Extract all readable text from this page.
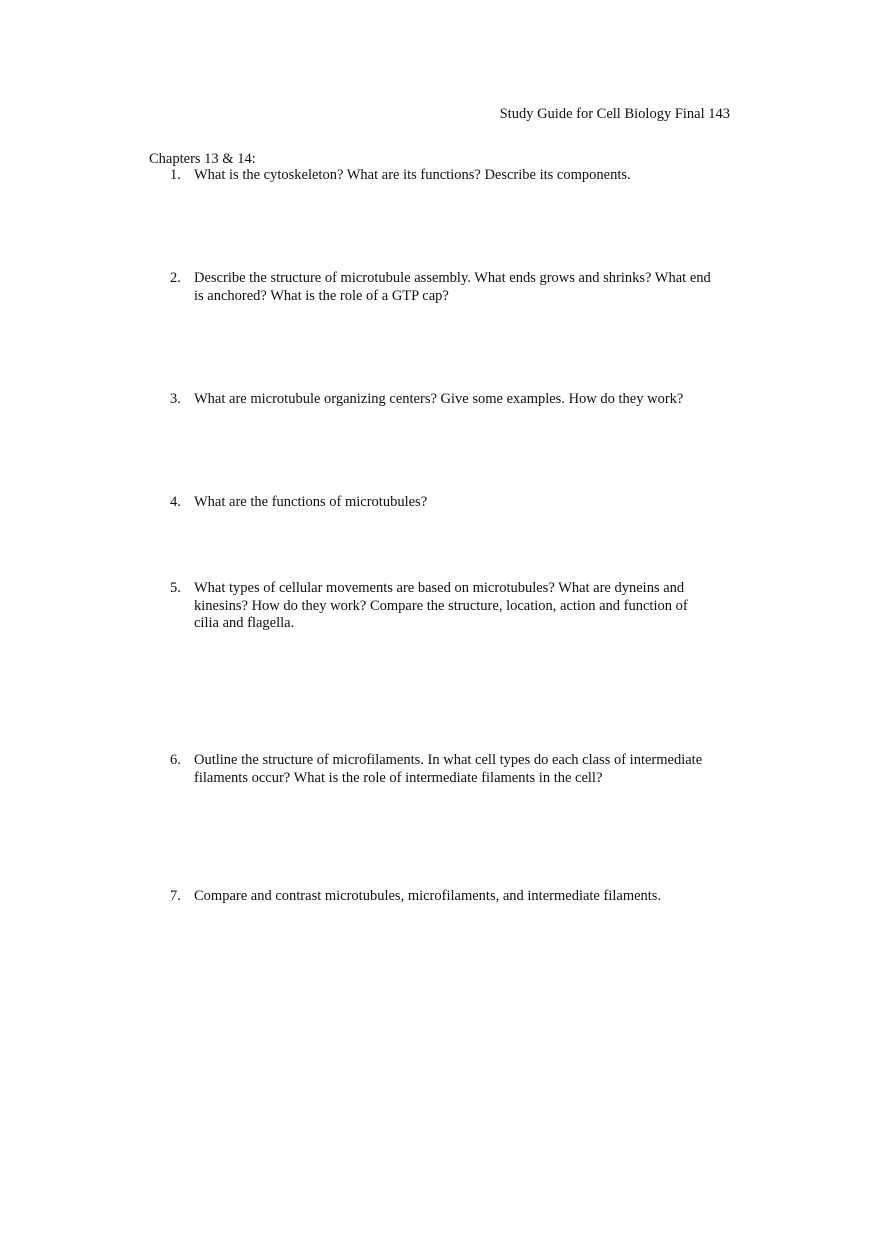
Study Guide for Cell Biology Final 143
Chapters 13 & 14:
1. What is the cytoskeleton? What are its functions? Describe its components.
2. Describe the structure of microtubule assembly. What ends grows and shrinks? What end is anchored? What is the role of a GTP cap?
3. What are microtubule organizing centers? Give some examples. How do they work?
4. What are the functions of microtubules?
5. What types of cellular movements are based on microtubules? What are dyneins and kinesins? How do they work? Compare the structure, location, action and function of cilia and flagella.
6. Outline the structure of microfilaments. In what cell types do each class of intermediate filaments occur? What is the role of intermediate filaments in the cell?
7. Compare and contrast microtubules, microfilaments, and intermediate filaments.
